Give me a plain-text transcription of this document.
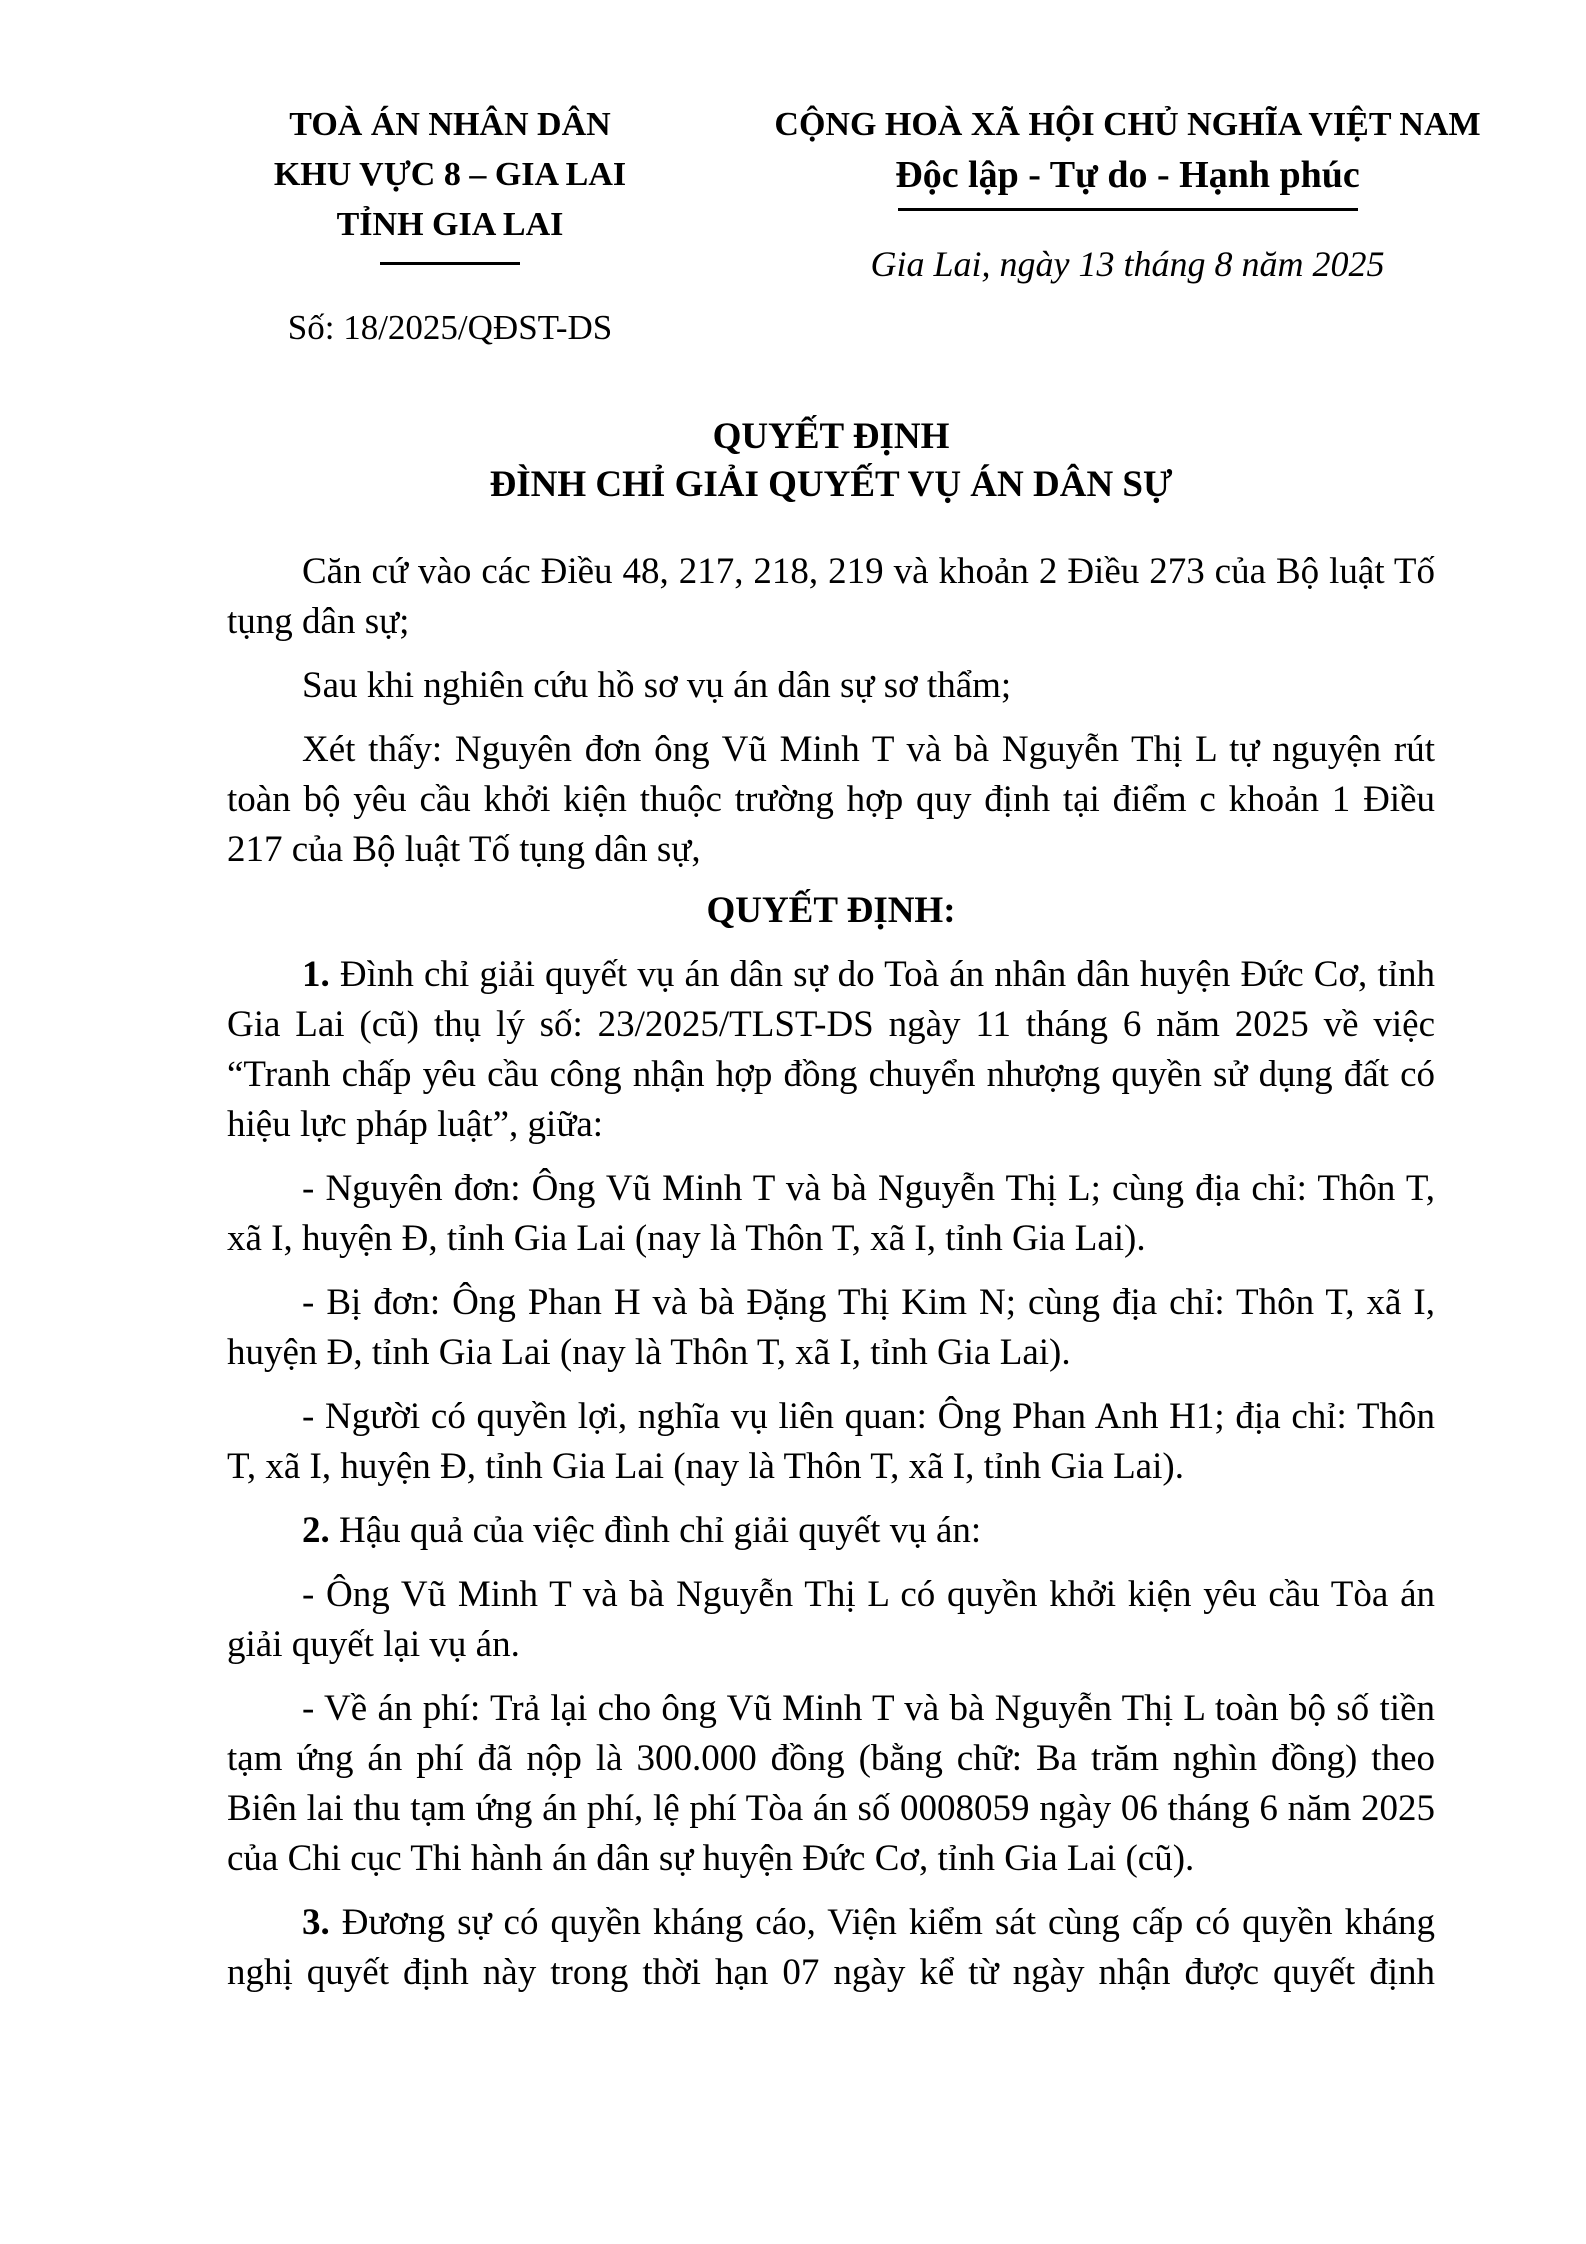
TOÀ ÁN NHÂN DÂN
KHU VỰC 8 – GIA LAI
TỈNH GIA LAI
Số: 18/2025/QĐST-DS
CỘNG HOÀ XÃ HỘI CHỦ NGHĨA VIỆT NAM
Độc lập - Tự do - Hạnh phúc
Gia Lai, ngày 13 tháng 8 năm 2025
QUYẾT ĐỊNH
ĐÌNH CHỈ GIẢI QUYẾT VỤ ÁN DÂN SỰ

Căn cứ vào các Điều 48, 217, 218, 219 và khoản 2 Điều 273 của Bộ luật Tố tụng dân sự;

Sau khi nghiên cứu hồ sơ vụ án dân sự sơ thẩm;

Xét thấy: Nguyên đơn ông Vũ Minh T và bà Nguyễn Thị L tự nguyện rút toàn bộ yêu cầu khởi kiện thuộc trường hợp quy định tại điểm c khoản 1 Điều 217 của Bộ luật Tố tụng dân sự,

QUYẾT ĐỊNH:

1. Đình chỉ giải quyết vụ án dân sự do Toà án nhân dân huyện Đức Cơ, tỉnh Gia Lai (cũ) thụ lý số: 23/2025/TLST-DS ngày 11 tháng 6 năm 2025 về việc “Tranh chấp yêu cầu công nhận hợp đồng chuyển nhượng quyền sử dụng đất có hiệu lực pháp luật”, giữa:

- Nguyên đơn: Ông Vũ Minh T và bà Nguyễn Thị L; cùng địa chỉ: Thôn T, xã I, huyện Đ, tỉnh Gia Lai (nay là Thôn T, xã I, tỉnh Gia Lai).

- Bị đơn: Ông Phan H và bà Đặng Thị Kim N; cùng địa chỉ: Thôn T, xã I, huyện Đ, tỉnh Gia Lai (nay là Thôn T, xã I, tỉnh Gia Lai).

- Người có quyền lợi, nghĩa vụ liên quan: Ông Phan Anh H1; địa chỉ: Thôn T, xã I, huyện Đ, tỉnh Gia Lai (nay là Thôn T, xã I, tỉnh Gia Lai).

2. Hậu quả của việc đình chỉ giải quyết vụ án:

- Ông Vũ Minh T và bà Nguyễn Thị L có quyền khởi kiện yêu cầu Tòa án giải quyết lại vụ án.

- Về án phí: Trả lại cho ông Vũ Minh T và bà Nguyễn Thị L toàn bộ số tiền tạm ứng án phí đã nộp là 300.000 đồng (bằng chữ: Ba trăm nghìn đồng) theo Biên lai thu tạm ứng án phí, lệ phí Tòa án số 0008059 ngày 06 tháng 6 năm 2025 của Chi cục Thi hành án dân sự huyện Đức Cơ, tỉnh Gia Lai (cũ).

3. Đương sự có quyền kháng cáo, Viện kiểm sát cùng cấp có quyền kháng nghị quyết định này trong thời hạn 07 ngày kể từ ngày nhận được quyết định
